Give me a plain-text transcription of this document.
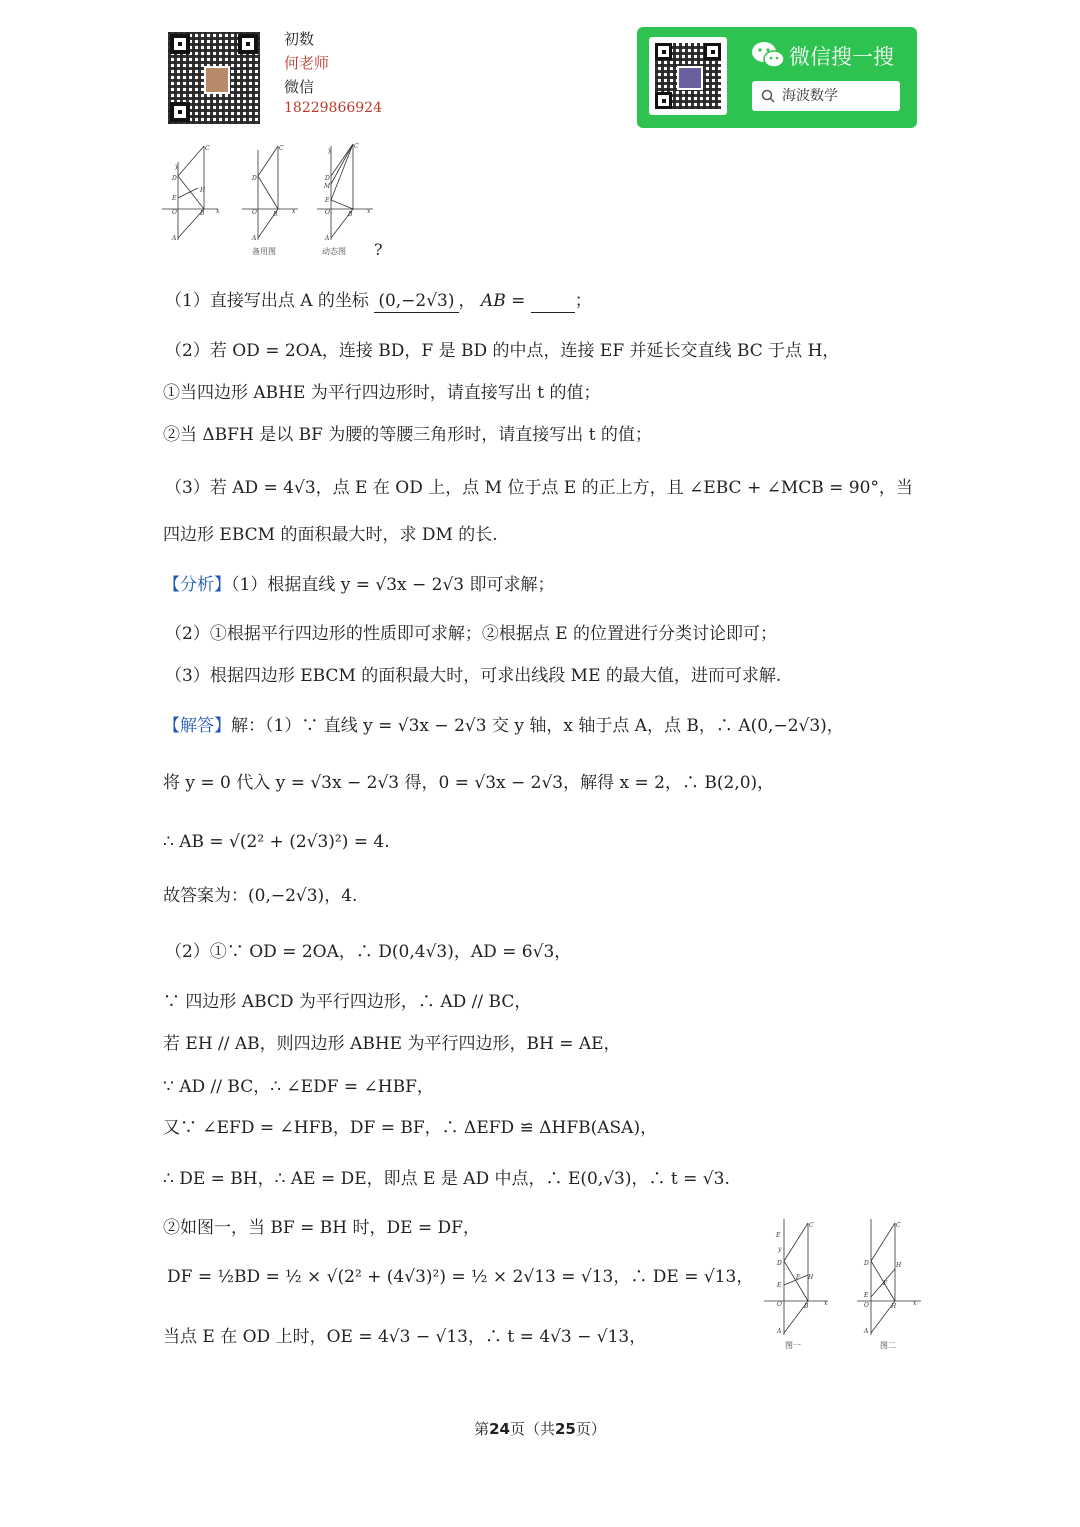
初数
何老师
微信
18229866924
微信搜一搜
海波数学
C
D
E
H
O	B
A
y
x
C
D
O	B
A
x
备用图
C
D
M
E
O	B
A
y
x
动态图 ?
（1）直接写出点 A 的坐标 (0,−2√3) ， AB =	；
（2）若 OD = 2OA，连接 BD，F 是 BD 的中点，连接 EF 并延长交直线 BC 于点 H，
①当四边形 ABHE 为平行四边形时，请直接写出 t 的值；
②当 ΔBFH 是以 BF 为腰的等腰三角形时，请直接写出 t 的值；
（3）若 AD = 4√3，点 E 在 OD 上，点 M 位于点 E 的正上方，且 ∠EBC + ∠MCB = 90°，当
四边形 EBCM 的面积最大时，求 DM 的长.
【分析】（1）根据直线 y = √3x − 2√3 即可求解；
（2）①根据平行四边形的性质即可求解；②根据点 E 的位置进行分类讨论即可；
（3）根据四边形 EBCM 的面积最大时，可求出线段 ME 的最大值，进而可求解.
【解答】解：（1）∵ 直线 y = √3x − 2√3 交 y 轴，x 轴于点 A，点 B，∴ A(0,−2√3)，
将 y = 0 代入 y = √3x − 2√3 得，0 = √3x − 2√3，解得 x = 2，∴ B(2,0)，
∴ AB = √(2² + (2√3)²) = 4.
故答案为：(0,−2√3)，4.
（2）①∵ OD = 2OA，∴ D(0,4√3)，AD = 6√3，
∵ 四边形 ABCD 为平行四边形，∴ AD // BC，
若 EH // AB，则四边形 ABHE 为平行四边形，BH = AE，
∵ AD // BC，∴ ∠EDF = ∠HBF，
又∵ ∠EFD = ∠HFB，DF = BF，∴ ΔEFD ≌ ΔHFB(ASA)，
∴ DE = BH，∴ AE = DE，即点 E 是 AD 中点，∴ E(0,√3)，∴ t = √3.
②如图一，当 BF = BH 时，DE = DF，
DF = ½BD = ½ × √(2² + (4√3)²) = ½ × 2√13 = √13，∴ DE = √13，
当点 E 在 OD 上时，OE = 4√3 − √13，∴ t = 4√3 − √13，
C
E
y
D
E
F H
O	B
A
x
图一
C
D	H
F
E
O	H
A
x
图二
第24页（共25页）
